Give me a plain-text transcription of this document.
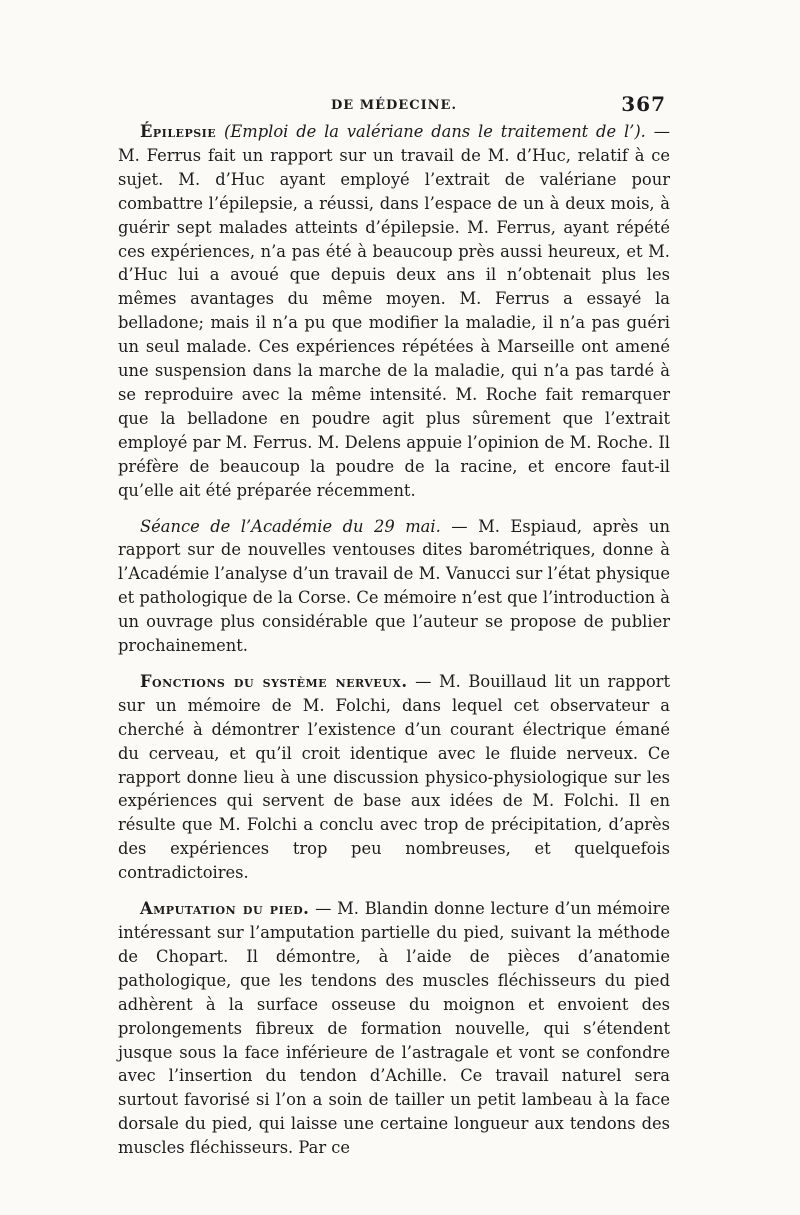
DE MÉDECINE.	367

Épilepsie (Emploi de la valériane dans le traitement de l’). — M. Ferrus fait un rapport sur un travail de M. d’Huc, relatif à ce sujet. M. d’Huc ayant employé l’extrait de valériane pour combattre l’épilepsie, a réussi, dans l’espace de un à deux mois, à guérir sept malades atteints d’épilepsie. M. Ferrus, ayant répété ces expériences, n’a pas été à beaucoup près aussi heureux, et M. d’Huc lui a avoué que depuis deux ans il n’obtenait plus les mêmes avantages du même moyen. M. Ferrus a essayé la belladone; mais il n’a pu que modifier la maladie, il n’a pas guéri un seul malade. Ces expériences répétées à Marseille ont amené une suspension dans la marche de la maladie, qui n’a pas tardé à se reproduire avec la même intensité. M. Roche fait remarquer que la belladone en poudre agit plus sûrement que l’extrait employé par M. Ferrus. M. Delens appuie l’opinion de M. Roche. Il préfère de beaucoup la poudre de la racine, et encore faut-il qu’elle ait été préparée récemment.

Séance de l’Académie du 29 mai. — M. Espiaud, après un rapport sur de nouvelles ventouses dites barométriques, donne à l’Académie l’analyse d’un travail de M. Vanucci sur l’état physique et pathologique de la Corse. Ce mémoire n’est que l’introduction à un ouvrage plus considérable que l’auteur se propose de publier prochainement.

Fonctions du système nerveux. — M. Bouillaud lit un rapport sur un mémoire de M. Folchi, dans lequel cet observateur a cherché à démontrer l’existence d’un courant électrique émané du cerveau, et qu’il croit identique avec le fluide nerveux. Ce rapport donne lieu à une discussion physico-physiologique sur les expériences qui servent de base aux idées de M. Folchi. Il en résulte que M. Folchi a conclu avec trop de précipitation, d’après des expériences trop peu nombreuses, et quelquefois contradictoires.

Amputation du pied. — M. Blandin donne lecture d’un mémoire intéressant sur l’amputation partielle du pied, suivant la méthode de Chopart. Il démontre, à l’aide de pièces d’anatomie pathologique, que les tendons des muscles fléchisseurs du pied adhèrent à la surface osseuse du moignon et envoient des prolongements fibreux de formation nouvelle, qui s’étendent jusque sous la face inférieure de l’astragale et vont se confondre avec l’insertion du tendon d’Achille. Ce travail naturel sera surtout favorisé si l’on a soin de tailler un petit lambeau à la face dorsale du pied, qui laisse une certaine longueur aux tendons des muscles fléchisseurs. Par ce
